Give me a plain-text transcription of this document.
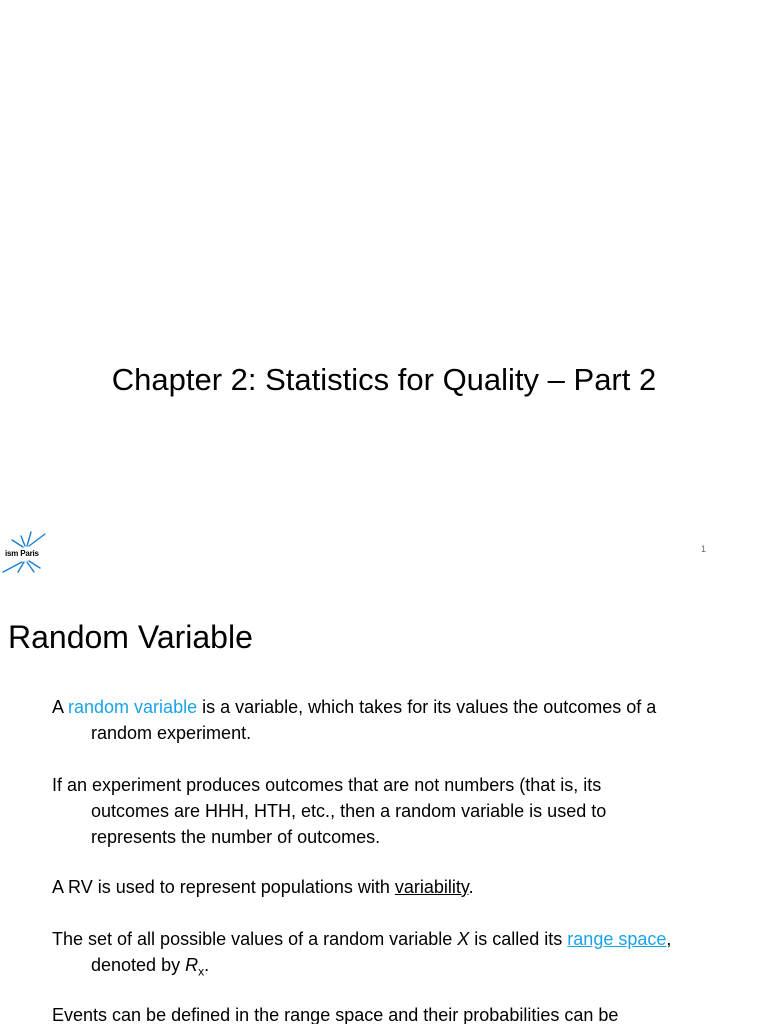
Chapter 2: Statistics for Quality – Part 2
ism Paris	1
Random Variable
A random variable is a variable, which takes for its values the outcomes of a
random experiment.
If an experiment produces outcomes that are not numbers (that is, its
outcomes are HHH, HTH, etc., then a random variable is used to
represents the number of outcomes.
A RV is used to represent populations with variability.
The set of all possible values of a random variable X is called its range space,
denoted by $R_x$.
Events can be defined in the range space and their probabilities can be
